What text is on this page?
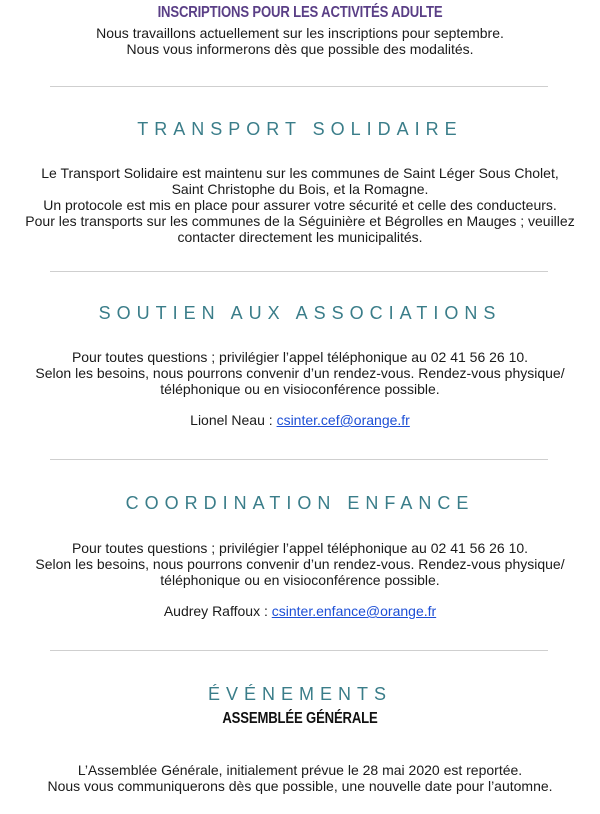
INSCRIPTIONS POUR LES ACTIVITÉS ADULTE

Nous travaillons actuellement sur les inscriptions pour septembre.

Nous vous informerons dès que possible des modalités.

TRANSPORT SOLIDAIRE

Le Transport Solidaire est maintenu sur les communes de Saint Léger Sous Cholet,

Saint Christophe du Bois, et la Romagne.

Un protocole est mis en place pour assurer votre sécurité et celle des conducteurs.

Pour les transports sur les communes de la Séguinière et Bégrolles en Mauges ; veuillez

contacter directement les municipalités.

SOUTIEN AUX ASSOCIATIONS

Pour toutes questions ; privilégier l’appel téléphonique au 02 41 56 26 10.

Selon les besoins, nous pourrons convenir d’un rendez-vous. Rendez-vous physique/

téléphonique ou en visioconférence possible.

Lionel Neau : csinter.cef@orange.fr
COORDINATION ENFANCE

Pour toutes questions ; privilégier l’appel téléphonique au 02 41 56 26 10.

Selon les besoins, nous pourrons convenir d’un rendez-vous. Rendez-vous physique/

téléphonique ou en visioconférence possible.

Audrey Raffoux : csinter.enfance@orange.fr
ÉVÉNEMENTS
ASSEMBLÉE GÉNÉRALE

L’Assemblée Générale, initialement prévue le 28 mai 2020 est reportée.

Nous vous communiquerons dès que possible, une nouvelle date pour l’automne.
